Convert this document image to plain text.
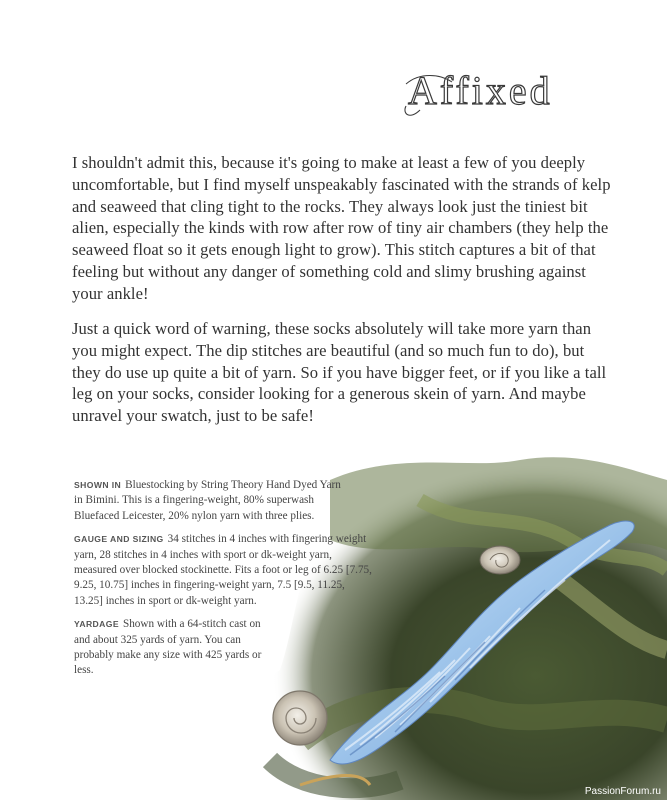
Affixed

I shouldn't admit this, because it's going to make at least a few of you deeply uncomfortable, but I find myself unspeakably fascinated with the strands of kelp and seaweed that cling tight to the rocks. They always look just the tiniest bit alien, especially the kinds with row after row of tiny air chambers (they help the seaweed float so it gets enough light to grow). This stitch captures a bit of that feeling but without any danger of something cold and slimy brushing against your ankle!

Just a quick word of warning, these socks absolutely will take more yarn than you might expect. The dip stitches are beautiful (and so much fun to do), but they do use up quite a bit of yarn. So if you have bigger feet, or if you like a tall leg on your socks, consider looking for a generous skein of yarn. And maybe unravel your swatch, just to be safe!

SHOWN IN Bluestocking by String Theory Hand Dyed Yarn in Bimini. This is a fingering-weight, 80% superwash Bluefaced Leicester, 20% nylon yarn with three plies.

GAUGE AND SIZING 34 stitches in 4 inches with fingering weight yarn, 28 stitches in 4 inches with sport or dk-weight yarn, measured over blocked stockinette. Fits a foot or leg of 6.25 [7.75, 9.25, 10.75] inches in fingering-weight yarn, 7.5 [9.5, 11.25, 13.25] inches in sport or dk-weight yarn.

YARDAGE Shown with a 64-stitch cast on and about 325 yards of yarn. You can probably make any size with 425 yards or less.

PassionForum.ru
